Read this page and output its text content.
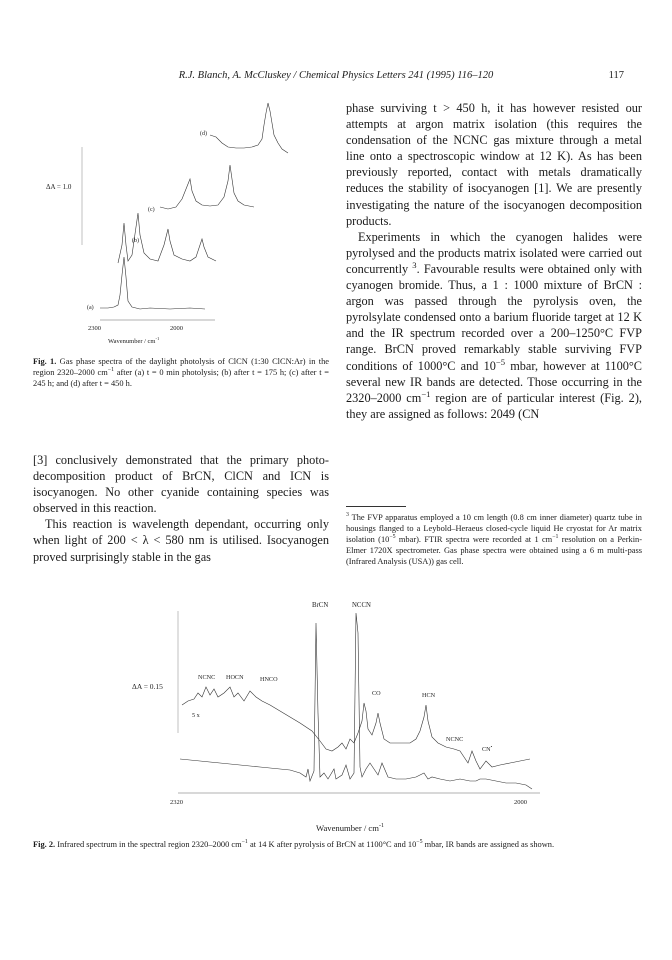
R.J. Blanch, A. McCluskey / Chemical Physics Letters 241 (1995) 116–120	117
ΔA = 1.0
(d)
(c)
(b)
(a)
2300	2000
Wavenumber / $cm^{-1}$
Fig. 1. Gas phase spectra of the daylight photolysis of ClCN (1:30 ClCN:Ar) in the region 2320–2000 $cm^{-1}$ after (a) t = 0 min photolysis; (b) after t = 175 h; (c) after t = 245 h; and (d) after t = 450 h.

phase surviving t > 450 h, it has however resisted our attempts at argon matrix isolation (this requires the condensation of the NCNC gas mixture through a metal line onto a spectroscopic window at 12 K). As has been previously reported, contact with metals dramatically reduces the stability of isocyanogen [1]. We are presently investigating the nature of the isocyanogen decomposition products.

Experiments in which the cyanogen halides were pyrolysed and the products matrix isolated were carried out concurrently $^3$. Favourable results were obtained only with cyanogen bromide. Thus, a 1 : 1000 mixture of BrCN : argon was passed through the pyrolysis oven, the pyrolsylate condensed onto a barium fluoride target at 12 K and the IR spectrum recorded over a 200–1250°C FVP range. BrCN proved remarkably stable surviving FVP conditions of 1000°C and $10^{-5}$ mbar, however at 1100°C several new IR bands are detected. Those occurring in the 2320–2000 $cm^{-1}$ region are of particular interest (Fig. 2), they are assigned as follows: 2049 (CN

$^3$ The FVP apparatus employed a 10 cm length (0.8 cm inner diameter) quartz tube in housings flanged to a Leybold–Heraeus closed-cycle liquid He cryostat for Ar matrix isolation ($10^{-5}$ mbar). FTIR spectra were recorded at 1 $cm^{-1}$ resolution on a Perkin-Elmer 1720X spectrometer. Gas phase spectra were obtained using a 6 m multi-pass (Infrared Analysis (USA)) gas cell.

[3] conclusively demonstrated that the primary photo-decomposition product of BrCN, ClCN and ICN is isocyanogen. No other cyanide containing species was observed in this reaction.

This reaction is wavelength dependant, occurring only when light of 200 < λ < 580 nm is utilised. Isocyanogen proved surprisingly stable in the gas

ΔA = 0.15
BrCN	NCCN
NCNC HOCN	HNCO
CO	HCN
NCNC
CN•
5 x
2320	2000
Wavenumber / $cm^{-1}$
Fig. 2. Infrared spectrum in the spectral region 2320–2000 $cm^{-1}$ at 14 K after pyrolysis of BrCN at 1100°C and $10^{-5}$ mbar, IR bands are assigned as shown.
